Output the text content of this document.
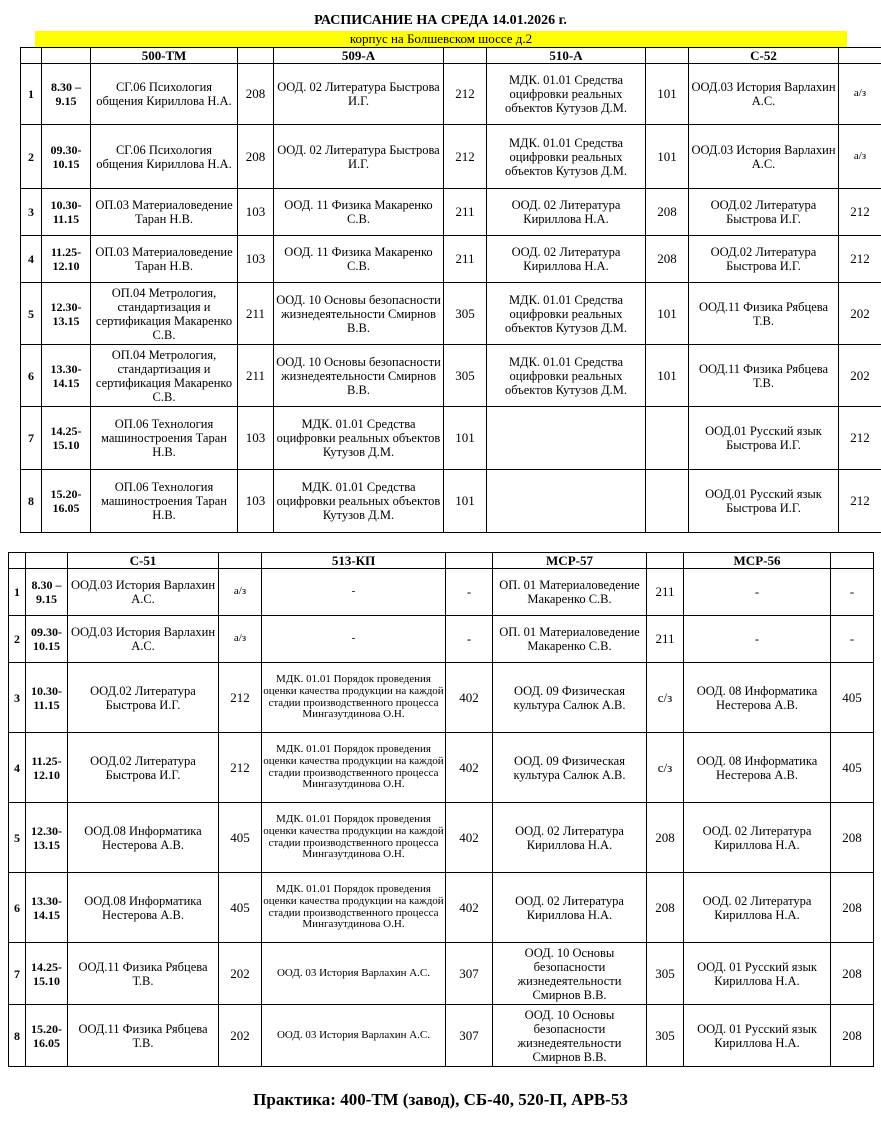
РАСПИСАНИЕ НА СРЕДА 14.01.2026 г.
корпус на Болшевском шоссе д.2
		500-ТМ		509-А		510-А		С-52	
1	8.30 – 9.15	СГ.06 Психология общения Кириллова Н.А.	208	ООД. 02 Литература Быстрова И.Г.	212	МДК. 01.01 Средства оцифровки реальных объектов Кутузов Д.М.	101	ООД.03 История Варлахин А.С.	а/з
2	09.30- 10.15	СГ.06 Психология общения Кириллова Н.А.	208	ООД. 02 Литература Быстрова И.Г.	212	МДК. 01.01 Средства оцифровки реальных объектов Кутузов Д.М.	101	ООД.03 История Варлахин А.С.	а/з
3	10.30- 11.15	ОП.03 Материаловедение Таран Н.В.	103	ООД. 11 Физика Макаренко С.В.	211	ООД. 02 Литература Кириллова Н.А.	208	ООД.02 Литература Быстрова И.Г.	212
4	11.25- 12.10	ОП.03 Материаловедение Таран Н.В.	103	ООД. 11 Физика Макаренко С.В.	211	ООД. 02 Литература Кириллова Н.А.	208	ООД.02 Литература Быстрова И.Г.	212
5	12.30- 13.15	ОП.04 Метрология, стандартизация и сертификация Макаренко С.В.	211	ООД. 10 Основы безопасности жизнедеятельности Смирнов В.В.	305	МДК. 01.01 Средства оцифровки реальных объектов Кутузов Д.М.	101	ООД.11 Физика Рябцева Т.В.	202
6	13.30- 14.15	ОП.04 Метрология, стандартизация и сертификация Макаренко С.В.	211	ООД. 10 Основы безопасности жизнедеятельности Смирнов В.В.	305	МДК. 01.01 Средства оцифровки реальных объектов Кутузов Д.М.	101	ООД.11 Физика Рябцева Т.В.	202
7	14.25- 15.10	ОП.06 Технология машиностроения Таран Н.В.	103	МДК. 01.01 Средства оцифровки реальных объектов Кутузов Д.М.	101			ООД.01 Русский язык Быстрова И.Г.	212
8	15.20- 16.05	ОП.06 Технология машиностроения Таран Н.В.	103	МДК. 01.01 Средства оцифровки реальных объектов Кутузов Д.М.	101			ООД.01 Русский язык Быстрова И.Г.	212
		С-51		513-КП		МСР-57		МСР-56	
1	8.30 – 9.15	ООД.03 История Варлахин А.С.	а/з	-	-	ОП. 01 Материаловедение Макаренко С.В.	211	-	-
2	09.30- 10.15	ООД.03 История Варлахин А.С.	а/з	-	-	ОП. 01 Материаловедение Макаренко С.В.	211	-	-
3	10.30- 11.15	ООД.02 Литература Быстрова И.Г.	212	МДК. 01.01 Порядок проведения оценки качества продукции на каждой стадии производственного процесса Мингазутдинова О.Н.	402	ООД. 09 Физическая культура Салюк А.В.	с/з	ООД. 08 Информатика Нестерова А.В.	405
4	11.25- 12.10	ООД.02 Литература Быстрова И.Г.	212	МДК. 01.01 Порядок проведения оценки качества продукции на каждой стадии производственного процесса Мингазутдинова О.Н.	402	ООД. 09 Физическая культура Салюк А.В.	с/з	ООД. 08 Информатика Нестерова А.В.	405
5	12.30- 13.15	ООД.08 Информатика Нестерова А.В.	405	МДК. 01.01 Порядок проведения оценки качества продукции на каждой стадии производственного процесса Мингазутдинова О.Н.	402	ООД. 02 Литература Кириллова Н.А.	208	ООД. 02 Литература Кириллова Н.А.	208
6	13.30- 14.15	ООД.08 Информатика Нестерова А.В.	405	МДК. 01.01 Порядок проведения оценки качества продукции на каждой стадии производственного процесса Мингазутдинова О.Н.	402	ООД. 02 Литература Кириллова Н.А.	208	ООД. 02 Литература Кириллова Н.А.	208
7	14.25- 15.10	ООД.11 Физика Рябцева Т.В.	202	ООД. 03 История Варлахин А.С.	307	ООД. 10 Основы безопасности жизнедеятельности Смирнов В.В.	305	ООД. 01 Русский язык Кириллова Н.А.	208
8	15.20- 16.05	ООД.11 Физика Рябцева Т.В.	202	ООД. 03 История Варлахин А.С.	307	ООД. 10 Основы безопасности жизнедеятельности Смирнов В.В.	305	ООД. 01 Русский язык Кириллова Н.А.	208
Практика: 400-ТМ (завод), СБ-40, 520-П, АРВ-53
